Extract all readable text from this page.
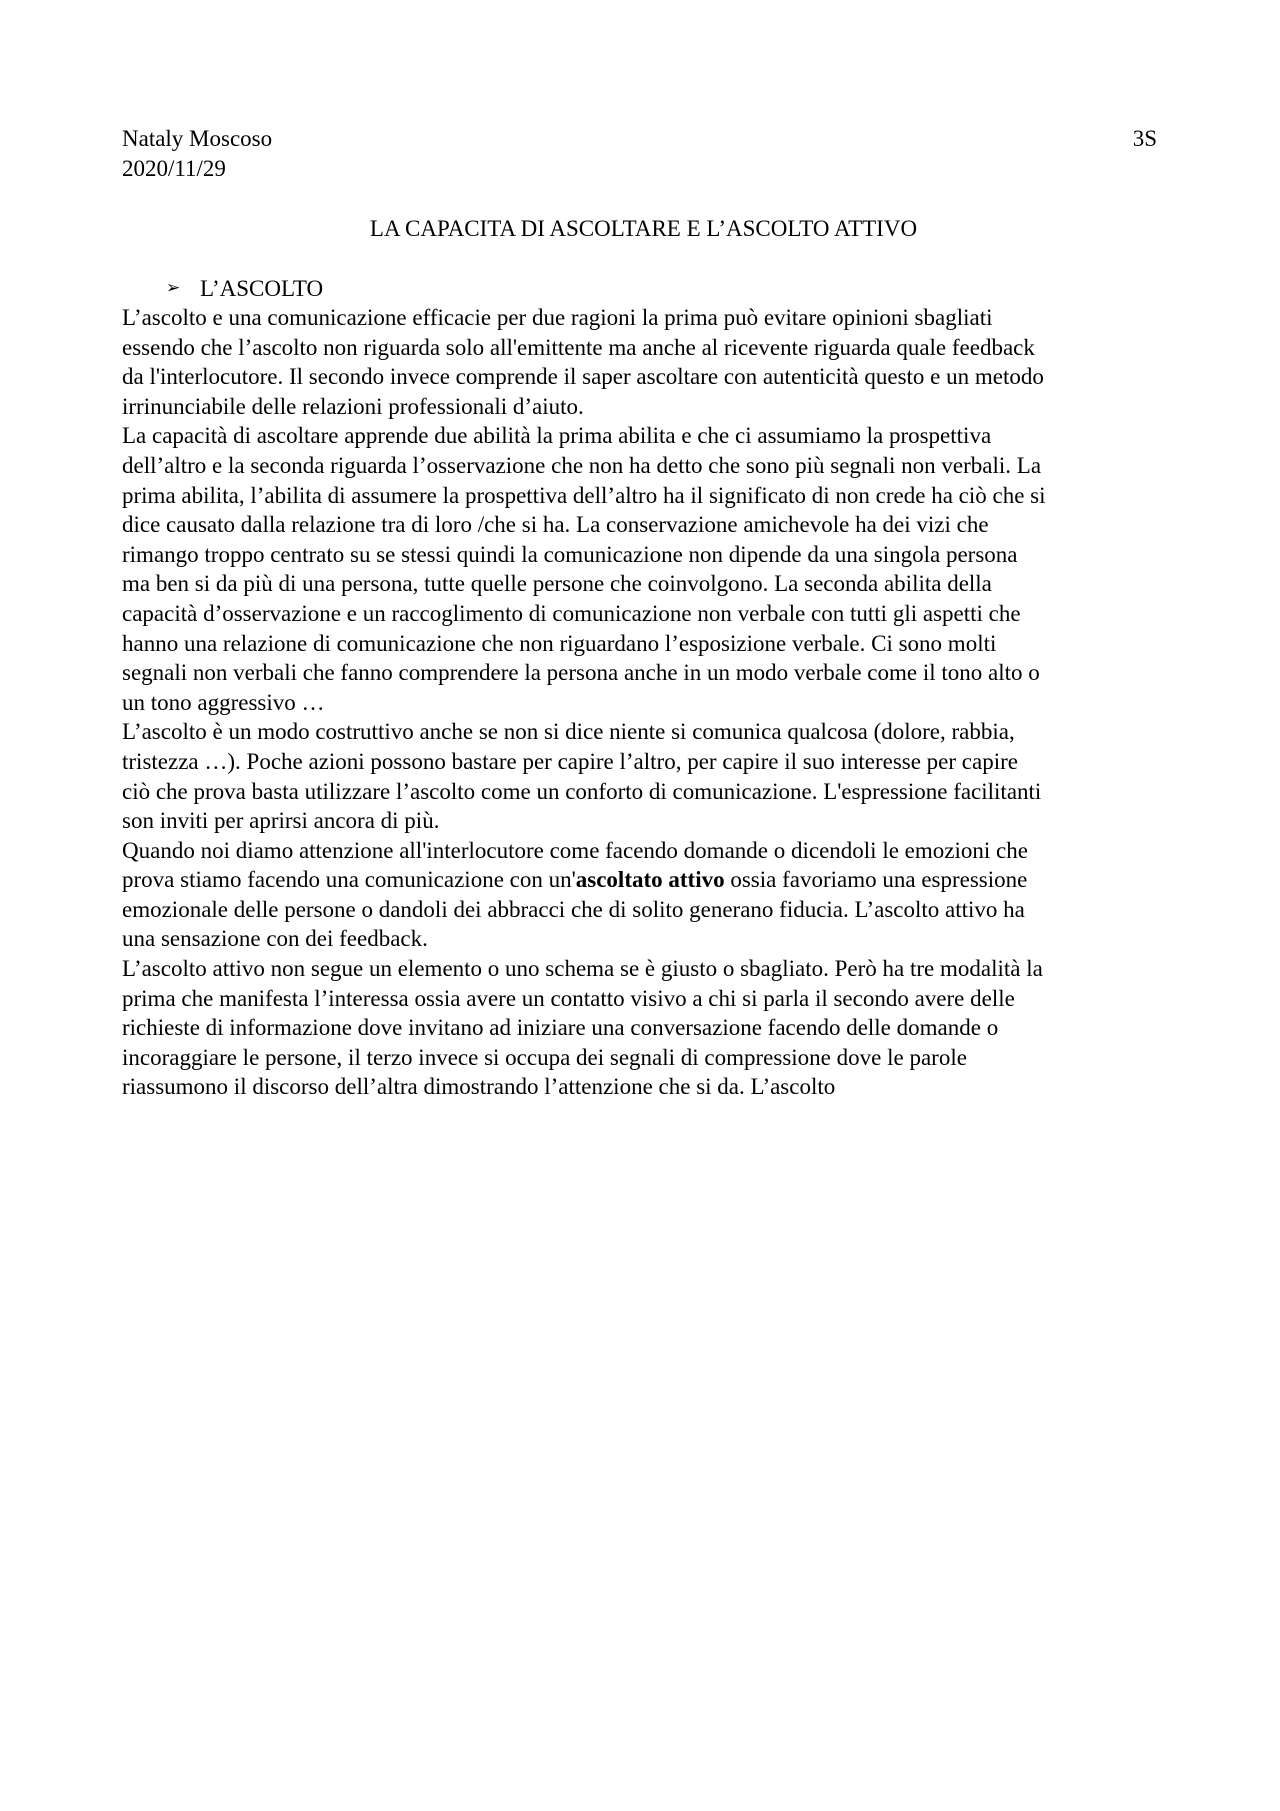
Nataly Moscoso	3S
2020/11/29
LA CAPACITA DI ASCOLTARE E L’ASCOLTO ATTIVO
➢ L’ASCOLTO

L’ascolto e una comunicazione efficacie per due ragioni la prima può evitare opinioni sbagliati
essendo che l’ascolto non riguarda solo all'emittente ma anche al ricevente riguarda quale feedback
da l'interlocutore. Il secondo invece comprende il saper ascoltare con autenticità questo e un metodo
irrinunciabile delle relazioni professionali d’aiuto.

La capacità di ascoltare apprende due abilità la prima abilita e che ci assumiamo la prospettiva
dell’altro e la seconda riguarda l’osservazione che non ha detto che sono più segnali non verbali. La
prima abilita, l’abilita di assumere la prospettiva dell’altro ha il significato di non crede ha ciò che si
dice causato dalla relazione tra di loro /che si ha. La conservazione amichevole ha dei vizi che
rimango troppo centrato su se stessi quindi la comunicazione non dipende da una singola persona
ma ben si da più di una persona, tutte quelle persone che coinvolgono. La seconda abilita della
capacità d’osservazione e un raccoglimento di comunicazione non verbale con tutti gli aspetti che
hanno una relazione di comunicazione che non riguardano l’esposizione verbale. Ci sono molti
segnali non verbali che fanno comprendere la persona anche in un modo verbale come il tono alto o
un tono aggressivo …

L’ascolto è un modo costruttivo anche se non si dice niente si comunica qualcosa (dolore, rabbia,
tristezza …). Poche azioni possono bastare per capire l’altro, per capire il suo interesse per capire
ciò che prova basta utilizzare l’ascolto come un conforto di comunicazione. L'espressione facilitanti
son inviti per aprirsi ancora di più.

Quando noi diamo attenzione all'interlocutore come facendo domande o dicendoli le emozioni che
prova stiamo facendo una comunicazione con un'ascoltato attivo ossia favoriamo una espressione
emozionale delle persone o dandoli dei abbracci che di solito generano fiducia. L’ascolto attivo ha
una sensazione con dei feedback.

L’ascolto attivo non segue un elemento o uno schema se è giusto o sbagliato. Però ha tre modalità la
prima che manifesta l’interessa ossia avere un contatto visivo a chi si parla il secondo avere delle
richieste di informazione dove invitano ad iniziare una conversazione facendo delle domande o
incoraggiare le persone, il terzo invece si occupa dei segnali di compressione dove le parole
riassumono il discorso dell’altra dimostrando l’attenzione che si da. L’ascolto
